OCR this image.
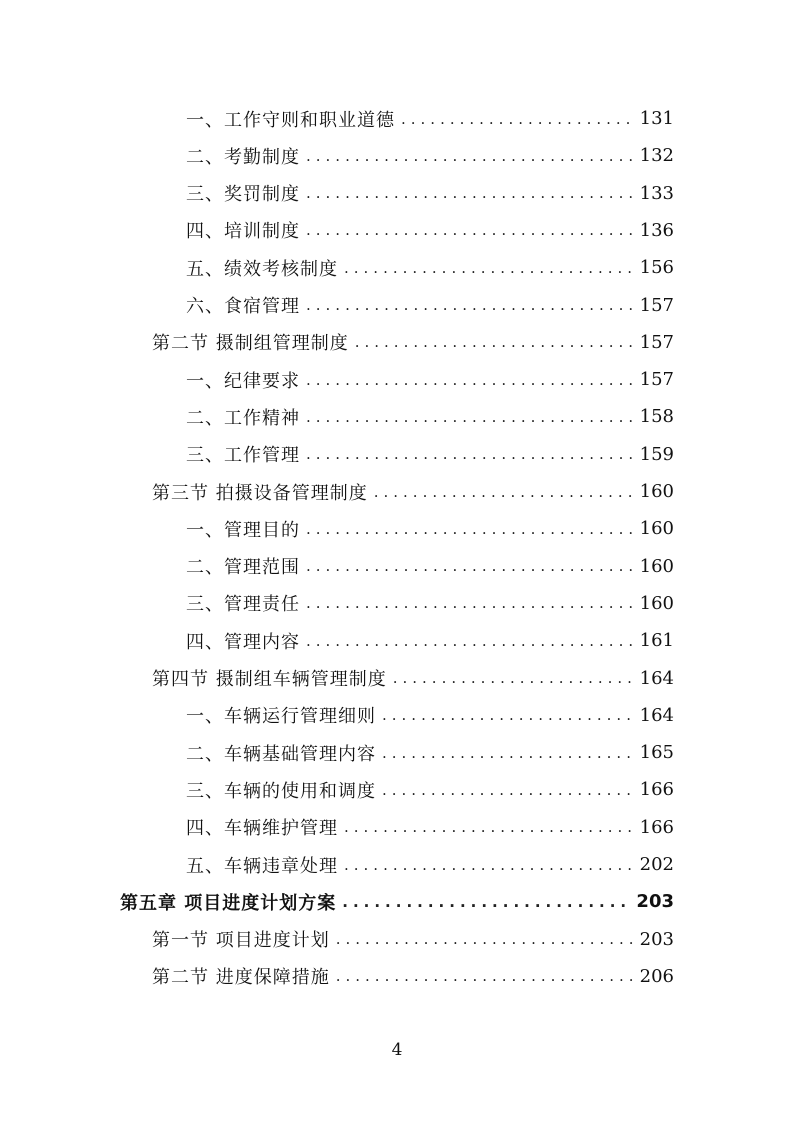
一、工作守则和职业道德 .....	131
二、考勤制度 .....	132
三、奖罚制度 .....	133
四、培训制度 .....	136
五、绩效考核制度 .....	156
六、食宿管理 .....	157
第二节 摄制组管理制度 .....	157
一、纪律要求 .....	157
二、工作精神 .....	158
三、工作管理 .....	159
第三节 拍摄设备管理制度 .....	160
一、管理目的 .....	160
二、管理范围 .....	160
三、管理责任 .....	160
四、管理内容 .....	161
第四节 摄制组车辆管理制度 .....	164
一、车辆运行管理细则 .....	164
二、车辆基础管理内容 .....	165
三、车辆的使用和调度 .....	166
四、车辆维护管理 .....	166
五、车辆违章处理 .....	202
第五章 项目进度计划方案 .....	203
第一节 项目进度计划 .....	203
第二节 进度保障措施 .....	206
4
